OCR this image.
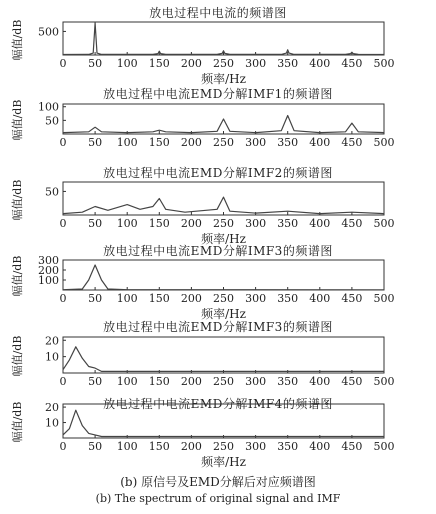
放电过程中电流的频谱图
幅值/dB
频率/Hz
0 50 100 150 200 250 300 350 400 450 500
500
放电过程中电流EMD分解IMF1的频谱图
幅值/dB
0 50 100 150 200 250 300 350 400 450 500
50
100
放电过程中电流EMD分解IMF2的频谱图
幅值/dB
频率/Hz
0 50 100 150 200 250 300 350 400 450 500
50
放电过程中电流EMD分解IMF3的频谱图
幅值/dB
频率/Hz
0 50 100 150 200 250 300 350 400 450 500
100
200
300
放电过程中电流EMD分解IMF3的频谱图
幅值/dB
0 50 100 150 200 250 300 350 400 450 500
10
20
放电过程中电流EMD分解IMF4的频谱图
幅值/dB
频率/Hz
0 50 100 150 200 250 300 350 400 450 500
10
20
(b) 原信号及EMD分解后对应频谱图
(b) The spectrum of original signal and IMF
